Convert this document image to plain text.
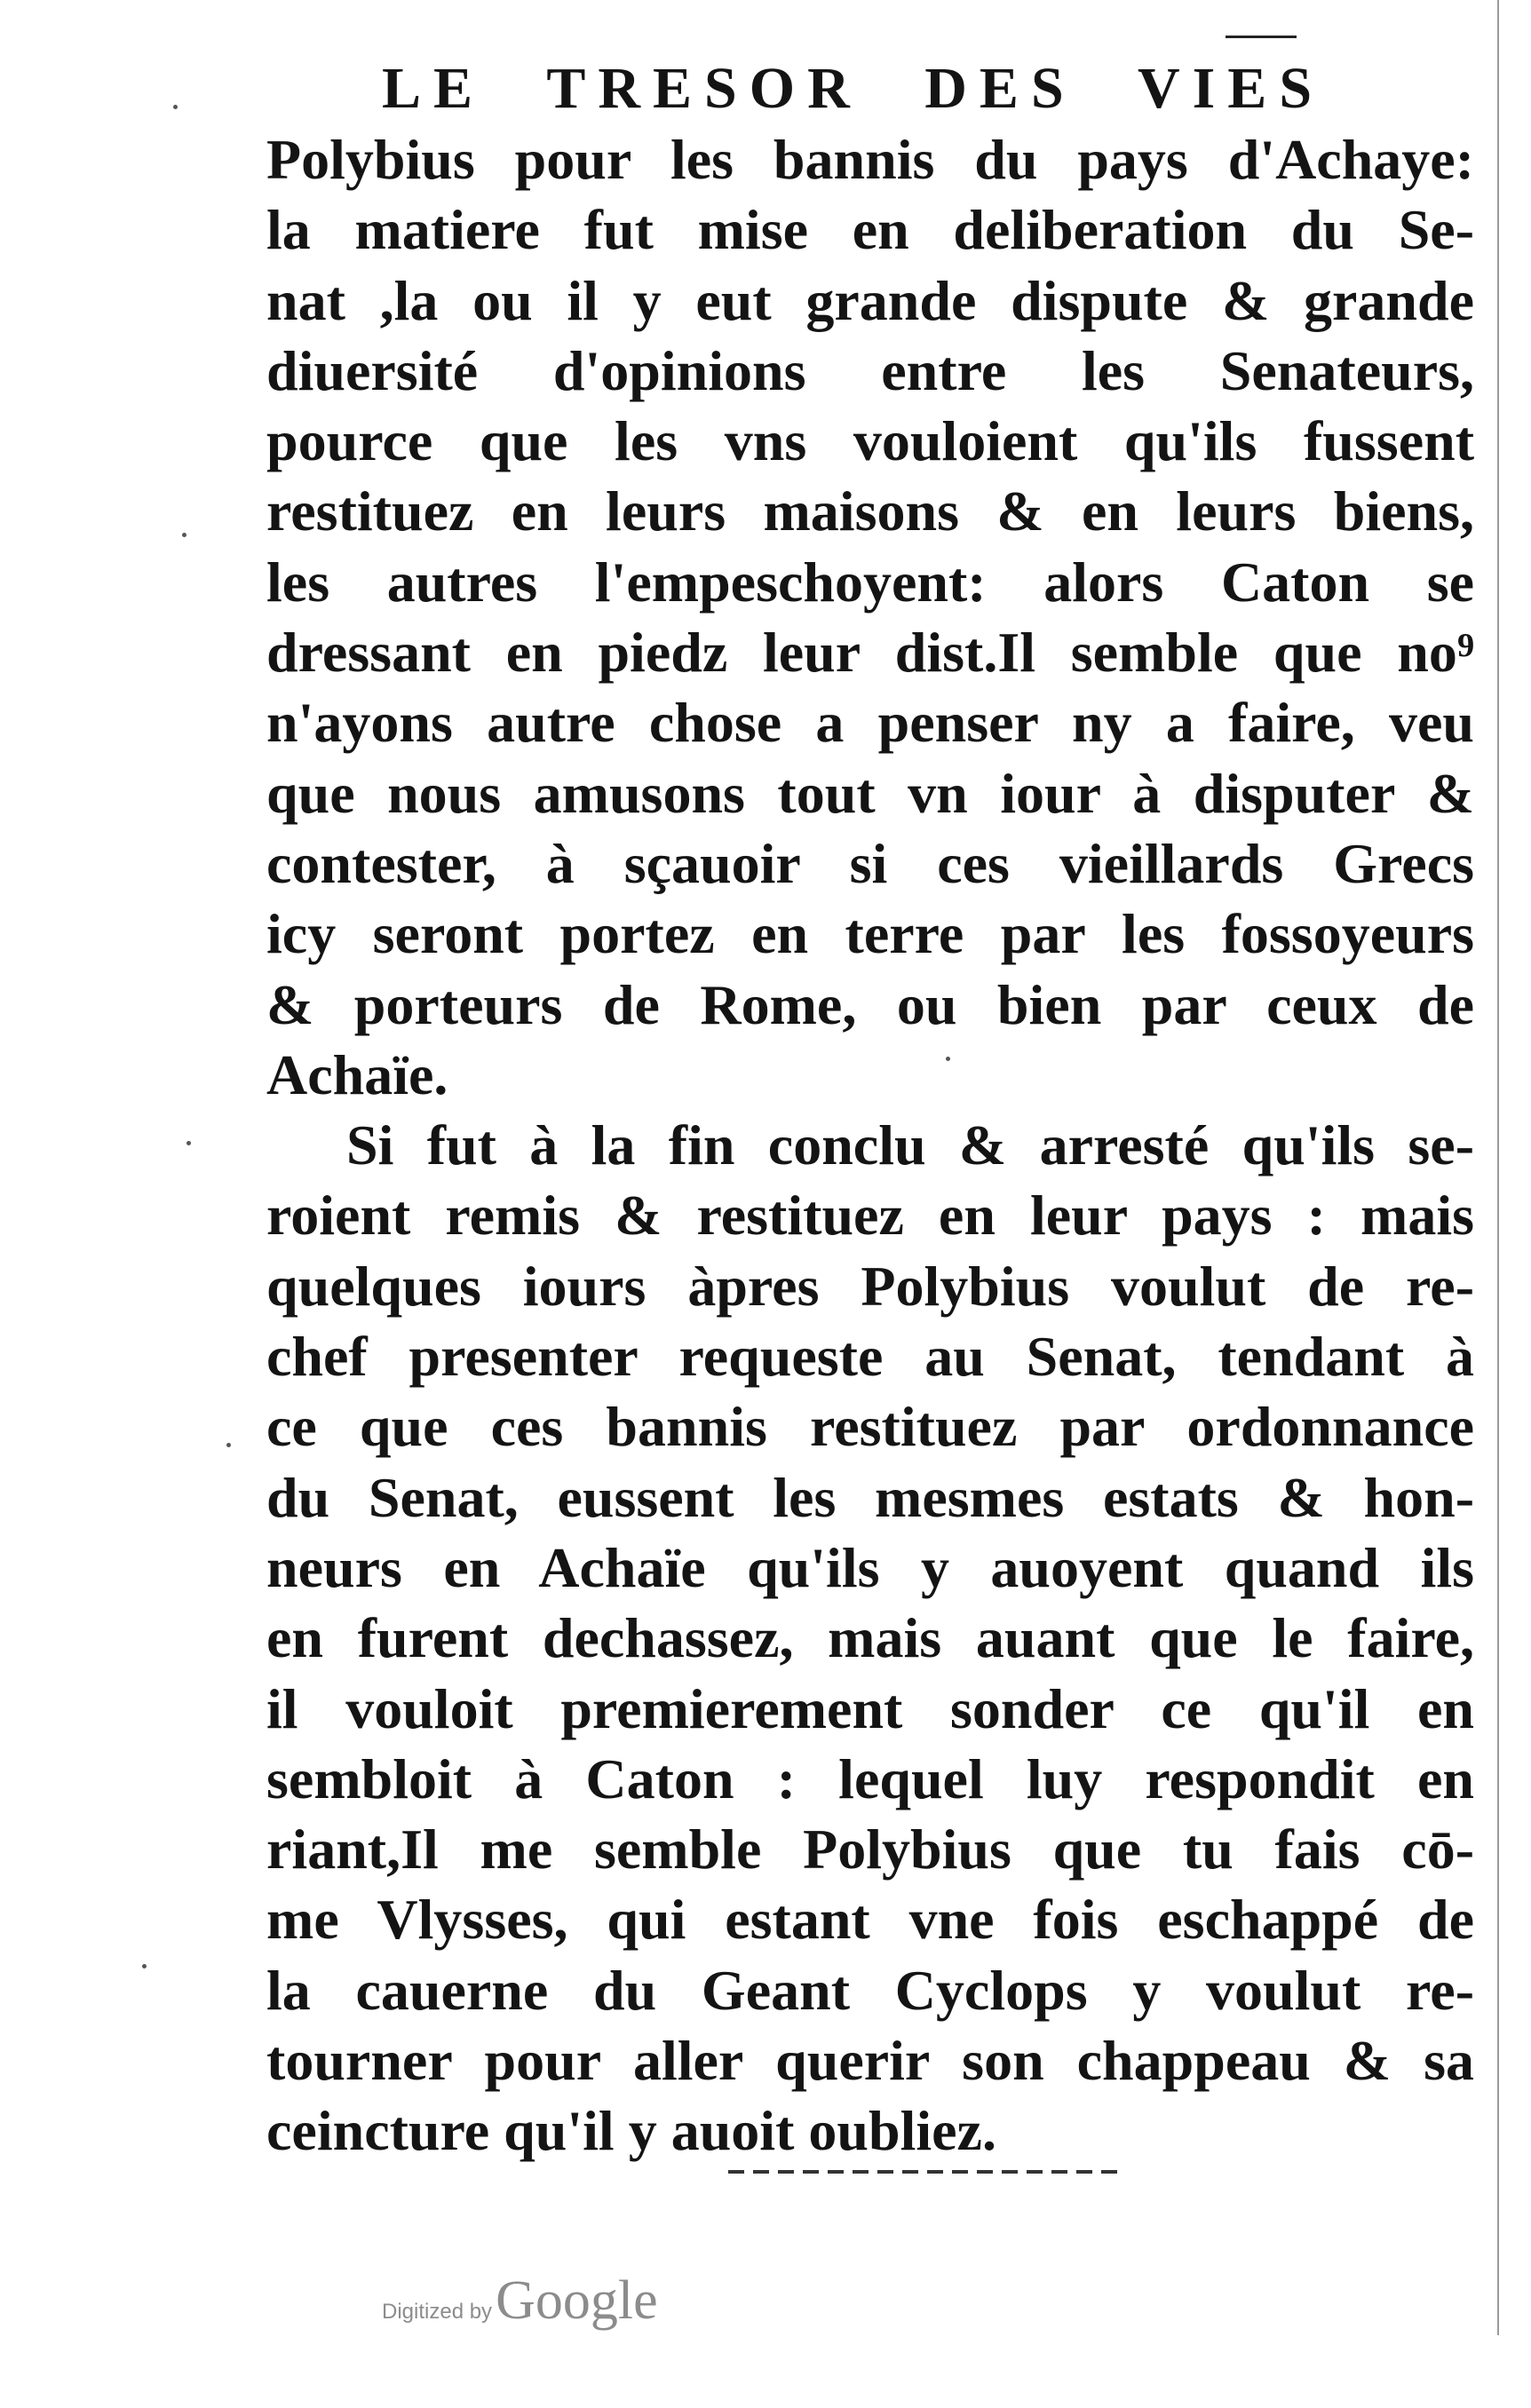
LE TRESOR DES VIES
Polybius pour les bannis du pays d'Achaye:
la matiere fut mise en deliberation du Se-
nat ,la ou il y eut grande dispute & grande
diuersité d'opinions entre les Senateurs,
pource que les vns vouloient qu'ils fussent
restituez en leurs maisons & en leurs biens,
les autres l'empeschoyent: alors Caton se
dressant en piedz leur dist.Il semble que no⁹
n'ayons autre chose a penser ny a faire, veu
que nous amusons tout vn iour à disputer &
contester, à sçauoir si ces vieillards Grecs
icy seront portez en terre par les fossoyeurs
& porteurs de Rome, ou bien par ceux de
Achaïe.
Si fut à la fin conclu & arresté qu'ils se-
roient remis & restituez en leur pays : mais
quelques iours àpres Polybius voulut de re-
chef presenter requeste au Senat, tendant à
ce que ces bannis restituez par ordonnance
du Senat, eussent les mesmes estats & hon-
neurs en Achaïe qu'ils y auoyent quand ils
en furent dechassez, mais auant que le faire,
il vouloit premierement sonder ce qu'il en
sembloit à Caton : lequel luy respondit en
riant,Il me semble Polybius que tu fais cō-
me Vlysses, qui estant vne fois eschappé de
la cauerne du Geant Cyclops y voulut re-
tourner pour aller querir son chappeau & sa
ceincture qu'il y auoit oubliez.
Digitized by Google
